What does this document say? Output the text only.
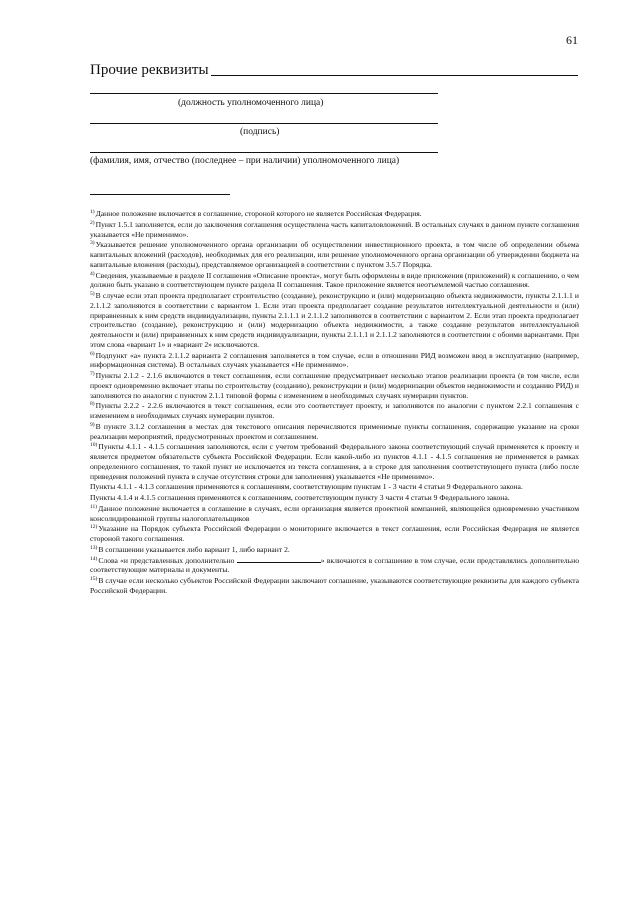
61
Прочие реквизиты
(должность уполномоченного лица)
(подпись)
(фамилия, имя, отчество (последнее – при наличии) уполномоченного лица)

$^{1)}$Данное положение включается в соглашение, стороной которого не является Российская Федерация.

$^{2)}$Пункт 1.5.1 заполняется, если до заключения соглашения осуществлена часть капиталовложений. В остальных случаях в данном пункте соглашения указывается «Не применимо».

$^{3)}$Указывается решение уполномоченного органа организации об осуществлении инвестиционного проекта, в том числе об определении объема капитальных вложений (расходов), необходимых для его реализации, или решение уполномоченного органа организации об утверждении бюджета на капитальные вложения (расходы), представляемое организацией в соответствии с пунктом 3.5.7 Порядка.

$^{4)}$Сведения, указываемые в разделе II соглашения «Описание проекта», могут быть оформлены в виде приложения (приложений) к соглашению, о чем должно быть указано в соответствующем пункте раздела II соглашения. Такое приложение является неотъемлемой частью соглашения.

$^{5)}$В случае если этап проекта предполагает строительство (создание), реконструкцию и (или) модернизацию объекта недвижимости, пункты 2.1.1.1 и 2.1.1.2 заполняются в соответствии с вариантом 1. Если этап проекта предполагает создание результатов интеллектуальной деятельности и (или) приравненных к ним средств индивидуализации, пункты 2.1.1.1 и 2.1.1.2 заполняются в соответствии с вариантом 2. Если этап проекта предполагает строительство (создание), реконструкцию и (или) модернизацию объекта недвижимости, а также создание результатов интеллектуальной деятельности и (или) приравненных к ним средств индивидуализации, пункты 2.1.1.1 и 2.1.1.2 заполняются в соответствии с обоими вариантами. При этом слова «вариант 1» и «вариант 2» исключаются.

$^{6)}$Подпункт «а» пункта 2.1.1.2 варианта 2 соглашения заполняется в том случае, если в отношении РИД возможен ввод в эксплуатацию (например, информационная система). В остальных случаях указывается «Не применимо».

$^{7)}$Пункты 2.1.2 - 2.1.6 включаются в текст соглашения, если соглашение предусматривает несколько этапов реализации проекта (в том числе, если проект одновременно включает этапы по строительству (созданию), реконструкции и (или) модернизации объектов недвижимости и созданию РИД) и заполняются по аналогии с пунктом 2.1.1 типовой формы с изменением в необходимых случаях нумерации пунктов.

$^{8)}$Пункты 2.2.2 - 2.2.6 включаются в текст соглашения, если это соответствует проекту, и заполняются по аналогии с пунктом 2.2.1 соглашения с изменением в необходимых случаях нумерации пунктов.

$^{9)}$В пункте 3.1.2 соглашения в местах для текстового описания перечисляются применимые пункты соглашения, содержащие указание на сроки реализации мероприятий, предусмотренных проектом и соглашением.

$^{10)}$Пункты 4.1.1 - 4.1.5 соглашения заполняются, если с учетом требований Федерального закона соответствующий случай применяется к проекту и является предметом обязательств субъекта Российской Федерации. Если какой-либо из пунктов 4.1.1 - 4.1.5 соглашения не применяется в рамках определенного соглашения, то такой пункт не исключается из текста соглашения, а в строке для заполнения соответствующего пункта (либо после приведения положений пункта в случае отсутствия строки для заполнения) указывается «Не применимо».

Пункты 4.1.1 - 4.1.3 соглашения применяются к соглашениям, соответствующим пунктам 1 - 3 части 4 статьи 9 Федерального закона.

Пункты 4.1.4 и 4.1.5 соглашения применяются к соглашениям, соответствующим пункту 3 части 4 статьи 9 Федерального закона.

$^{11)}$Данное положение включается в соглашение в случаях, если организация является проектной компанией, являющейся одновременно участником консолидированной группы налогоплательщиков

$^{12)}$Указание на Порядок субъекта Российской Федерации о мониторинге включается в текст соглашения, если Российская Федерация не является стороной такого соглашения.

$^{13)}$В соглашении указывается либо вариант 1, либо вариант 2.

$^{14)}$Слова «и представленных дополнительно	» включаются в соглашение в том случае, если представлялись дополнительно соответствующие материалы и документы.

$^{15)}$В случае если несколько субъектов Российской Федерации заключают соглашение, указываются соответствующие реквизиты для каждого субъекта Российской Федерации.
